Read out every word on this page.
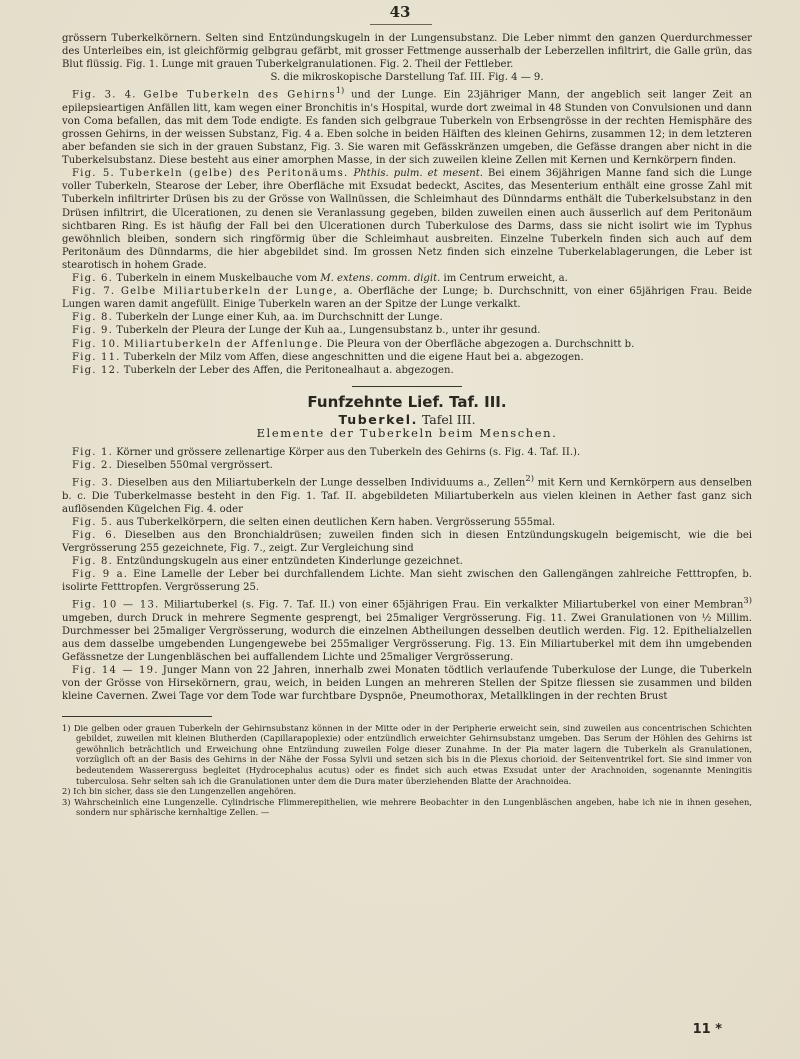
43

grössern Tuberkelkörnern. Selten sind Entzündungskugeln in der Lungensubstanz. Die Leber nimmt den ganzen Querdurchmesser des Unterleibes ein, ist gleichförmig gelbgrau gefärbt, mit grosser Fettmenge ausserhalb der Leberzellen infiltrirt, die Galle grün, das Blut flüssig. Fig. 1. Lunge mit grauen Tuberkelgranulationen. Fig. 2. Theil der Fettleber.

S. die mikroskopische Darstellung Taf. III. Fig. 4 — 9.

Fig. 3. 4. Gelbe Tuberkeln des Gehirns$^{1)}$ und der Lunge. Ein 23jähriger Mann, der angeblich seit langer Zeit an epilepsieartigen Anfällen litt, kam wegen einer Bronchitis in's Hospital, wurde dort zweimal in 48 Stunden von Convulsionen und dann von Coma befallen, das mit dem Tode endigte. Es fanden sich gelbgraue Tuberkeln von Erbsengrösse in der rechten Hemisphäre des grossen Gehirns, in der weissen Substanz, Fig. 4 a. Eben solche in beiden Hälften des kleinen Gehirns, zusammen 12; in dem letzteren aber befanden sie sich in der grauen Substanz, Fig. 3. Sie waren mit Gefässkränzen umgeben, die Gefässe drangen aber nicht in die Tuberkelsubstanz. Diese besteht aus einer amorphen Masse, in der sich zuweilen kleine Zellen mit Kernen und Kernkörpern finden.

Fig. 5. Tuberkeln (gelbe) des Peritonäums. Phthis. pulm. et mesent. Bei einem 36jährigen Manne fand sich die Lunge voller Tuberkeln, Stearose der Leber, ihre Oberfläche mit Exsudat bedeckt, Ascites, das Mesenterium enthält eine grosse Zahl mit Tuberkeln infiltrirter Drüsen bis zu der Grösse von Wallnüssen, die Schleimhaut des Dünndarms enthält die Tuberkelsubstanz in den Drüsen infiltrirt, die Ulcerationen, zu denen sie Veranlassung gegeben, bilden zuweilen einen auch äusserlich auf dem Peritonäum sichtbaren Ring. Es ist häufig der Fall bei den Ulcerationen durch Tuberkulose des Darms, dass sie nicht isolirt wie im Typhus gewöhnlich bleiben, sondern sich ringförmig über die Schleimhaut ausbreiten. Einzelne Tuberkeln finden sich auch auf dem Peritonäum des Dünndarms, die hier abgebildet sind. Im grossen Netz finden sich einzelne Tuberkelablagerungen, die Leber ist stearotisch in hohem Grade.

Fig. 6. Tuberkeln in einem Muskelbauche vom M. extens. comm. digit. im Centrum erweicht, a.

Fig. 7. Gelbe Miliartuberkeln der Lunge, a. Oberfläche der Lunge; b. Durchschnitt, von einer 65jährigen Frau. Beide Lungen waren damit angefüllt. Einige Tuberkeln waren an der Spitze der Lunge verkalkt.

Fig. 8. Tuberkeln der Lunge einer Kuh, aa. im Durchschnitt der Lunge.

Fig. 9. Tuberkeln der Pleura der Lunge der Kuh aa., Lungensubstanz b., unter ihr gesund.

Fig. 10. Miliartuberkeln der Affenlunge. Die Pleura von der Oberfläche abgezogen a. Durchschnitt b.

Fig. 11. Tuberkeln der Milz vom Affen, diese angeschnitten und die eigene Haut bei a. abgezogen.

Fig. 12. Tuberkeln der Leber des Affen, die Peritonealhaut a. abgezogen.

Funfzehnte Lief. Taf. III.
Tuberkel. Tafel III.
Elemente der Tuberkeln beim Menschen.

Fig. 1. Körner und grössere zellenartige Körper aus den Tuberkeln des Gehirns (s. Fig. 4. Taf. II.).

Fig. 2. Dieselben 550mal vergrössert.

Fig. 3. Dieselben aus den Miliartuberkeln der Lunge desselben Individuums a., Zellen$^{2)}$ mit Kern und Kernkörpern aus denselben b. c. Die Tuberkelmasse besteht in den Fig. 1. Taf. II. abgebildeten Miliartuberkeln aus vielen kleinen in Aether fast ganz sich auflösenden Kügelchen Fig. 4. oder

Fig. 5. aus Tuberkelkörpern, die selten einen deutlichen Kern haben. Vergrösserung 555mal.

Fig. 6. Dieselben aus den Bronchialdrüsen; zuweilen finden sich in diesen Entzündungskugeln beigemischt, wie die bei Vergrösserung 255 gezeichnete, Fig. 7., zeigt. Zur Vergleichung sind

Fig. 8. Entzündungskugeln aus einer entzündeten Kinderlunge gezeichnet.

Fig. 9 a. Eine Lamelle der Leber bei durchfallendem Lichte. Man sieht zwischen den Gallengängen zahlreiche Fetttropfen, b. isolirte Fetttropfen. Vergrösserung 25.

Fig. 10 — 13. Miliartuberkel (s. Fig. 7. Taf. II.) von einer 65jährigen Frau. Ein verkalkter Miliartuberkel von einer Membran$^{3)}$ umgeben, durch Druck in mehrere Segmente gesprengt, bei 25maliger Vergrösserung. Fig. 11. Zwei Granulationen von ½ Millim. Durchmesser bei 25maliger Vergrösserung, wodurch die einzelnen Abtheilungen desselben deutlich werden. Fig. 12. Epithelialzellen aus dem dasselbe umgebenden Lungengewebe bei 255maliger Vergrösserung. Fig. 13. Ein Miliartuberkel mit dem ihn umgebenden Gefässnetze der Lungenbläschen bei auffallendem Lichte und 25maliger Vergrösserung.

Fig. 14 — 19. Junger Mann von 22 Jahren, innerhalb zwei Monaten tödtlich verlaufende Tuberkulose der Lunge, die Tuberkeln von der Grösse von Hirsekörnern, grau, weich, in beiden Lungen an mehreren Stellen der Spitze fliessen sie zusammen und bilden kleine Cavernen. Zwei Tage vor dem Tode war furchtbare Dyspnöe, Pneumothorax, Metallklingen in der rechten Brust

1) Die gelben oder grauen Tuberkeln der Gehirnsubstanz können in der Mitte oder in der Peripherie erweicht sein, sind zuweilen aus concentrischen Schichten gebildet, zuweilen mit kleinen Blutherden (Capillarapoplexie) oder entzündlich erweichter Gehirnsubstanz umgeben. Das Serum der Höhlen des Gehirns ist gewöhnlich beträchtlich und Erweichung ohne Entzündung zuweilen Folge dieser Zunahme. In der Pia mater lagern die Tuberkeln als Granulationen, vorzüglich oft an der Basis des Gehirns in der Nähe der Fossa Sylvii und setzen sich bis in die Plexus chorioid. der Seitenventrikel fort. Sie sind immer von bedeutendem Wassererguss begleitet (Hydrocephalus acutus) oder es findet sich auch etwas Exsudat unter der Arachnoiden, sogenannte Meningitis tuberculosa. Sehr selten sah ich die Granulationen unter dem die Dura mater überziehenden Blatte der Arachnoidea.

2) Ich bin sicher, dass sie den Lungenzellen angehören.

3) Wahrscheinlich eine Lungenzelle. Cylindrische Flimmerepithelien, wie mehrere Beobachter in den Lungenbläschen angeben, habe ich nie in ihnen gesehen, sondern nur sphärische kernhaltige Zellen. —

11 *
